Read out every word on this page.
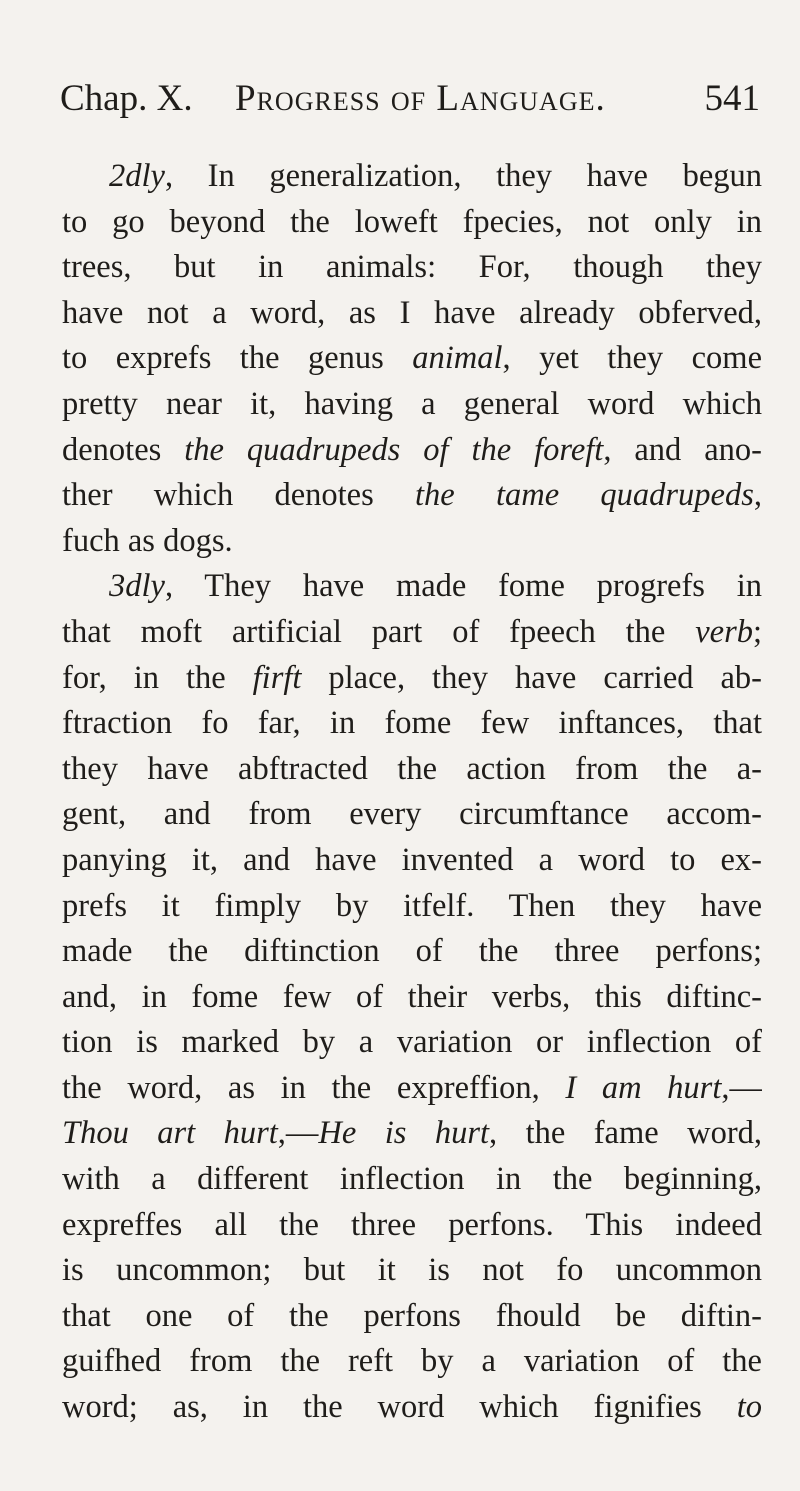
Chap. X. Progress of Language.	541
2dly, In generalization, they have begun
to go beyond the loweft fpecies, not only in
trees, but in animals: For, though they
have not a word, as I have already obferved,
to exprefs the genus animal, yet they come
pretty near it, having a general word which
denotes the quadrupeds of the foreft, and ano-
ther which denotes the tame quadrupeds,
fuch as dogs.
3dly, They have made fome progrefs in
that moft artificial part of fpeech the verb;
for, in the firft place, they have carried ab-
ftraction fo far, in fome few inftances, that
they have abftracted the action from the a-
gent, and from every circumftance accom-
panying it, and have invented a word to ex-
prefs it fimply by itfelf. Then they have
made the diftinction of the three perfons;
and, in fome few of their verbs, this diftinc-
tion is marked by a variation or inflection of
the word, as in the expreffion, I am hurt,—
Thou art hurt,—He is hurt, the fame word,
with a different inflection in the beginning,
expreffes all the three perfons. This indeed
is uncommon; but it is not fo uncommon
that one of the perfons fhould be diftin-
guifhed from the reft by a variation of the
word; as, in the word which fignifies to
